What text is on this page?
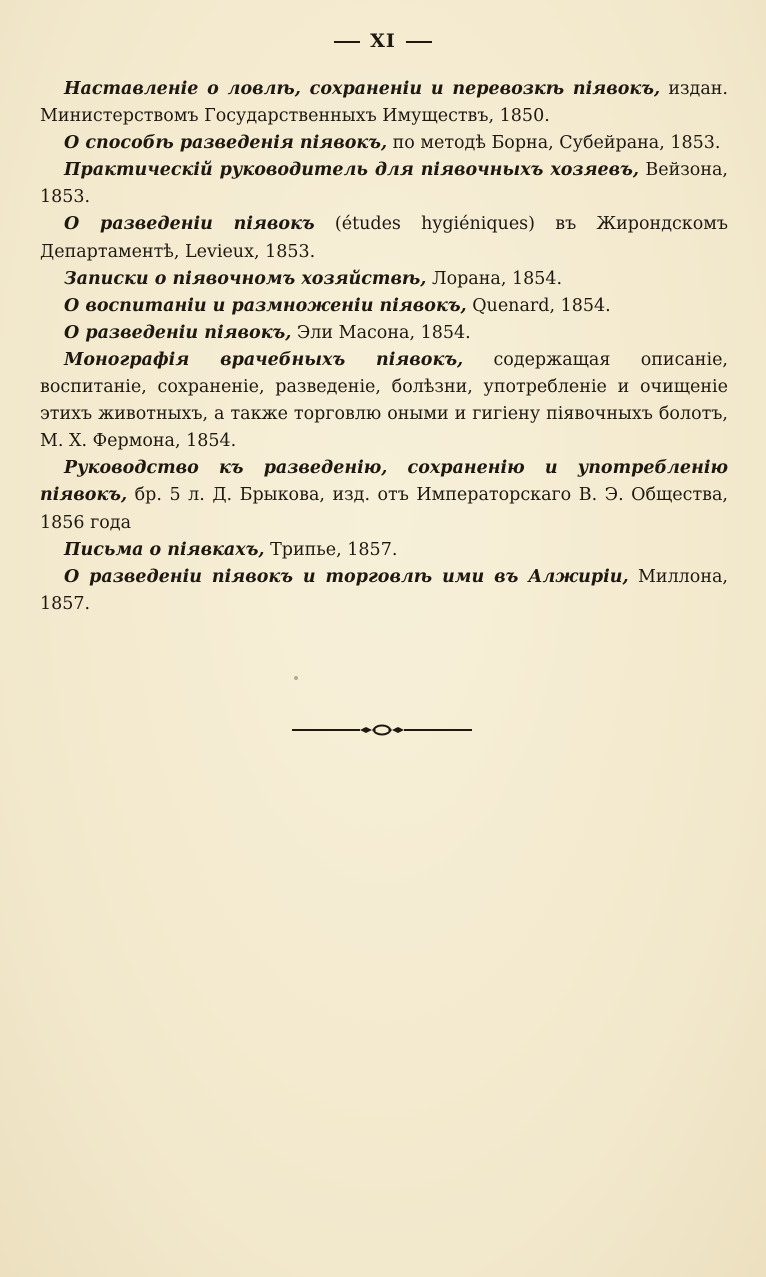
XI

Наставленіе о ловлѣ, сохраненіи и перевозкѣ піявокъ, издан. Министерствомъ Государственныхъ Имуществъ, 1850.

О способѣ разведенія піявокъ, по методѣ Борна, Субейрана, 1853.

Практическій руководитель для піявочныхъ хозяевъ, Вейзона, 1853.

О разведеніи піявокъ (études hygiéniques) въ Жирондскомъ Департаментѣ, Levieux, 1853.

Записки о піявочномъ хозяйствѣ, Лорана, 1854.

О воспитаніи и размноженіи піявокъ, Quenard, 1854.

О разведеніи піявокъ, Эли Масона, 1854.

Монографія врачебныхъ піявокъ, содержащая описаніе, воспитаніе, сохраненіе, разведеніе, болѣзни, употребленіе и очищеніе этихъ животныхъ, а также торговлю оными и гигіену піявочныхъ болотъ, М. Х. Фермона, 1854.

Руководство къ разведенію, сохраненію и употребленію піявокъ, бр. 5 л. Д. Брыкова, изд. отъ Императорскаго В. Э. Общества, 1856 года

Письма о піявкахъ, Трипье, 1857.

О разведеніи піявокъ и торговлѣ ими въ Алжиріи, Миллона, 1857.
